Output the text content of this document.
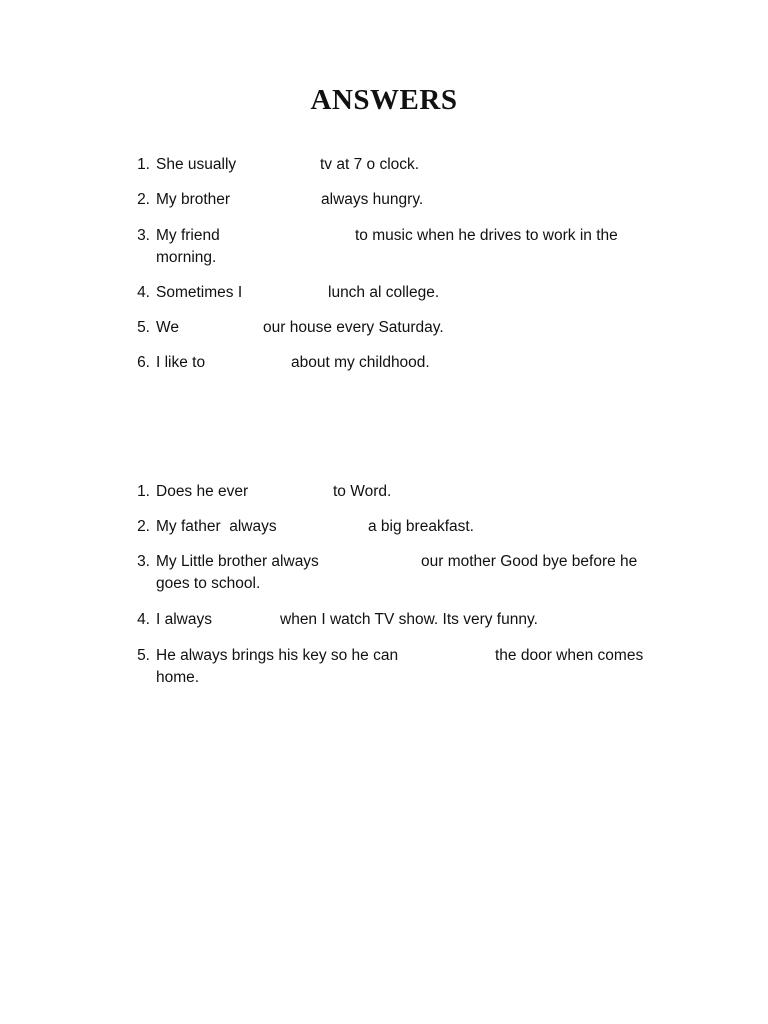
ANSWERS
1. She usually	tv at 7 o clock.
2. My brother	always hungry.
3. My friend	to music when he drives to work in the
morning.
4. Sometimes I	lunch al college.
5. We	our house every Saturday.
6. I like to	about my childhood.
1. Does he ever	to Word.
2. My father  always	a big breakfast.
3. My Little brother always	our mother Good bye before he
goes to school.
4. I always	when I watch TV show. Its very funny.
5. He always brings his key so he can	the door when comes
home.
